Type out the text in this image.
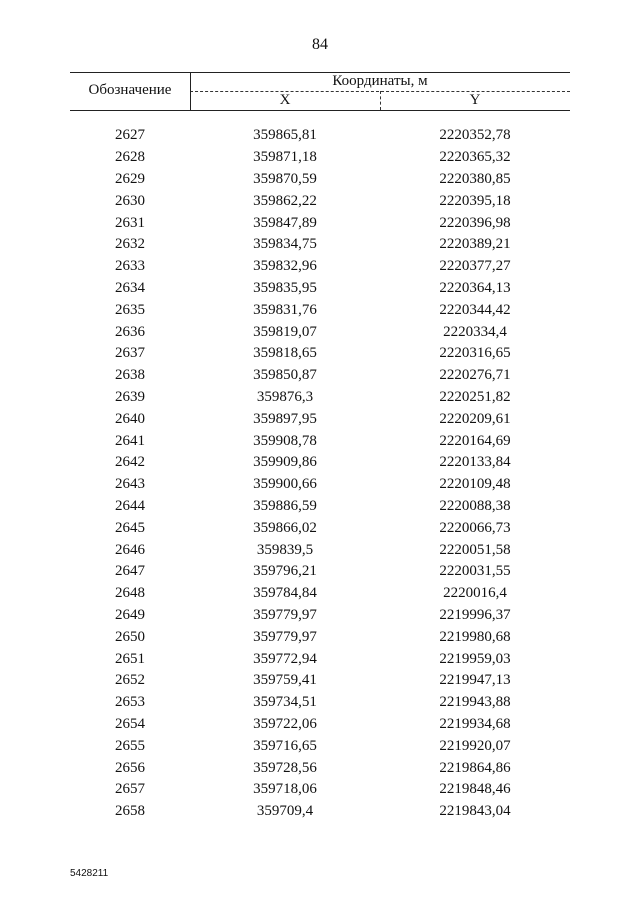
84
Обозначение
Координаты, м
X	Y
2627	359865,81	2220352,78
2628	359871,18	2220365,32
2629	359870,59	2220380,85
2630	359862,22	2220395,18
2631	359847,89	2220396,98
2632	359834,75	2220389,21
2633	359832,96	2220377,27
2634	359835,95	2220364,13
2635	359831,76	2220344,42
2636	359819,07	2220334,4
2637	359818,65	2220316,65
2638	359850,87	2220276,71
2639	359876,3	2220251,82
2640	359897,95	2220209,61
2641	359908,78	2220164,69
2642	359909,86	2220133,84
2643	359900,66	2220109,48
2644	359886,59	2220088,38
2645	359866,02	2220066,73
2646	359839,5	2220051,58
2647	359796,21	2220031,55
2648	359784,84	2220016,4
2649	359779,97	2219996,37
2650	359779,97	2219980,68
2651	359772,94	2219959,03
2652	359759,41	2219947,13
2653	359734,51	2219943,88
2654	359722,06	2219934,68
2655	359716,65	2219920,07
2656	359728,56	2219864,86
2657	359718,06	2219848,46
2658	359709,4	2219843,04
5428211
